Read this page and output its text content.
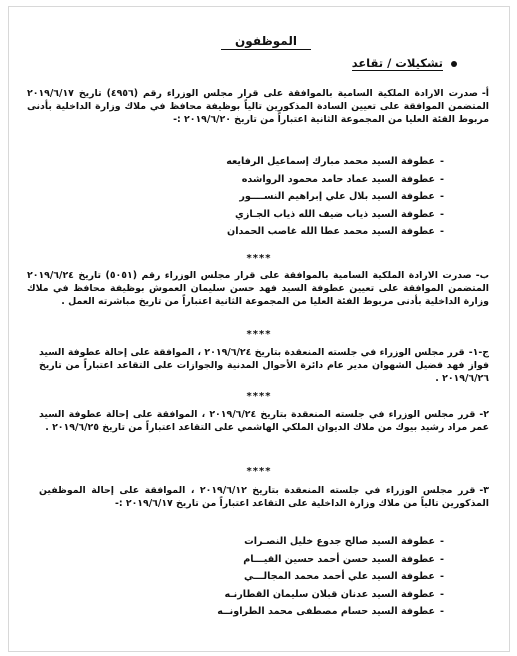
الموظفون
تشكيلات / تقاعد
أ-صدرت الارادة الملكية السامية بالموافقة على قرار مجلس الوزراء رقم (٤٩٥٦) تاريخ ٢٠١٩/٦/١٧ المتضمن الموافقة على تعيين السادة المذكورين تالياً بوظيفة محافظ في ملاك وزارة الداخلية بأدنى مربوط الفئة العليا من المجموعة الثانية اعتباراً من تاريخ ٢٠١٩/٦/٢٠ :-
-
عطوفة السيد محمد مبارك إسماعيل الرفايعه
-
عطوفة السيد عماد حامد محمود الرواشده
-
عطوفة السيد بلال علي إبراهيم النســــور
-
عطوفة السيد ذياب ضيف الله ذياب الجـازي
-
عطوفة السيد محمد عطا الله غاصب الحمدان
****
ب-صدرت الارادة الملكية السامية بالموافقة على قرار مجلس الوزراء رقم (٥٠٥١) تاريخ ٢٠١٩/٦/٢٤ المتضمن الموافقة على تعيين عطوفة السيد فهد حسن سليمان العموش بوظيفة محافظ في ملاك وزارة الداخلية بأدنى مربوط الفئة العليا من المجموعة الثانية اعتباراً من تاريخ مباشرته العمل .
****
ج-١-قرر مجلس الوزراء في جلسته المنعقدة بتاريخ ٢٠١٩/٦/٢٤ ، الموافقة على إحالة عطوفة السيد فواز فهد فضيل الشهوان مدير عام دائرة الأحوال المدنية والجوازات على التقاعد اعتباراً من تاريخ ٢٠١٩/٦/٢٦ .
****
٢-قرر مجلس الوزراء في جلسته المنعقدة بتاريخ ٢٠١٩/٦/٢٤ ، الموافقة على إحالة عطوفة السيد عمر مراد رشيد بيوك من ملاك الديوان الملكي الهاشمي على التقاعد اعتباراً من تاريخ ٢٠١٩/٦/٢٥ .
****
٣-قرر مجلس الوزراء في جلسته المنعقدة بتاريخ ٢٠١٩/٦/١٢ ، الموافقة على إحالة الموظفين المذكورين تالياً من ملاك وزارة الداخلية على التقاعد اعتباراً من تاريخ ٢٠١٩/٦/١٧ :-
-
عطوفة السيد صالح جدوع خليل النصـرات
-
عطوفة السيد حسن أحمد حسين القيـــام
-
عطوفة السيد علي أحمد محمد المجالـــي
-
عطوفة السيد عدنان قبلان سليمان القطارنـه
-
عطوفة السيد حسام مصطفى محمد الطراونــه
